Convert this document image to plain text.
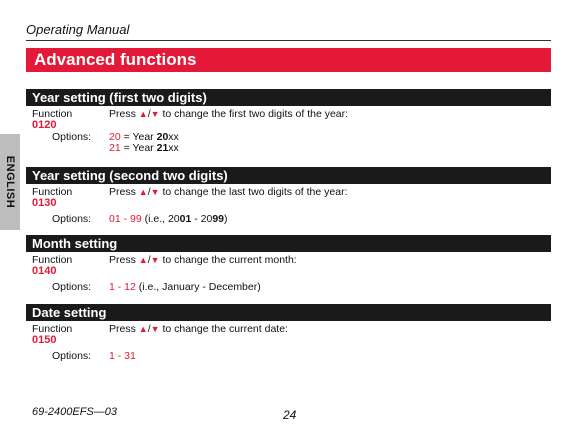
Operating Manual
Advanced functions
ENGLISH
Year setting (first two digits)
Function
0120
Press ▲/▼ to change the first two digits of the year:
Options: 20 = Year 20xx
21 = Year 21xx
Year setting (second two digits)
Function
0130
Press ▲/▼ to change the last two digits of the year:
Options: 01 - 99 (i.e., 2001 - 2099)
Month setting
Function
0140
Press ▲/▼ to change the current month:
Options: 1 - 12 (i.e., January - December)
Date setting
Function
0150
Press ▲/▼ to change the current date:
Options: 1 - 31
69-2400EFS—03	24
